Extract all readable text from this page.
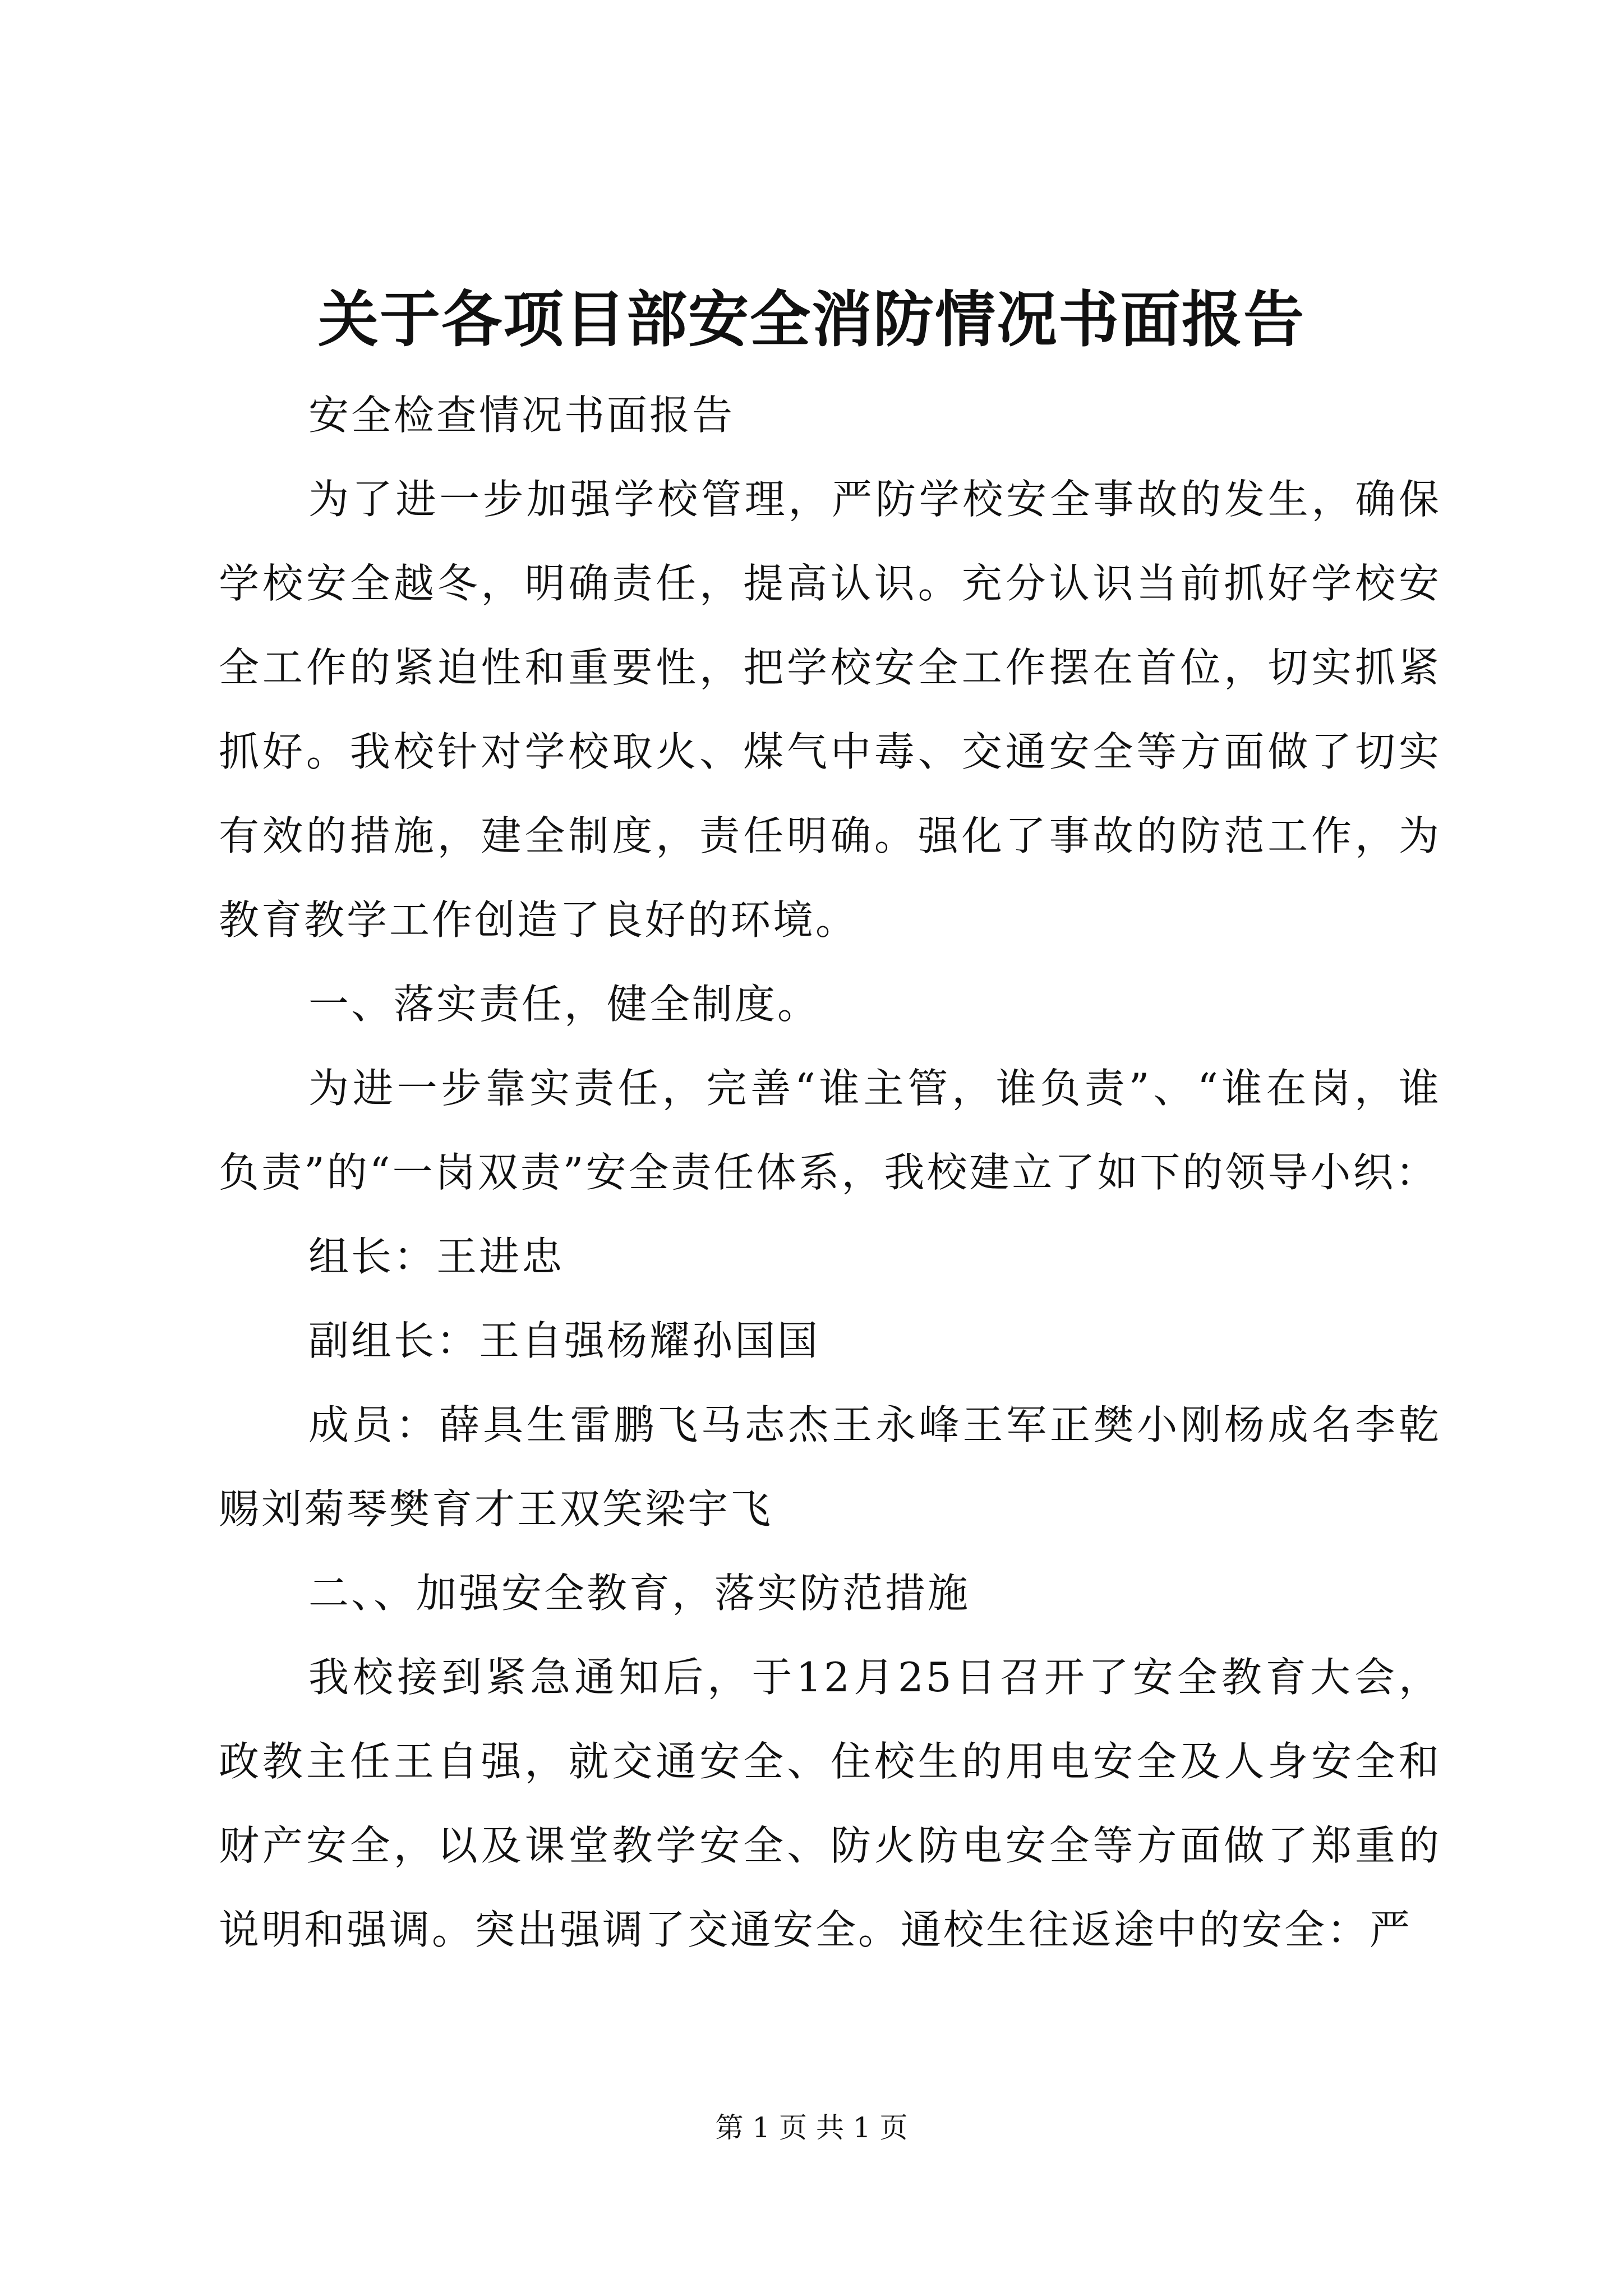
关于各项目部安全消防情况书面报告

安全检查情况书面报告

为了进一步加强学校管理，严防学校安全事故的发生，确保学校安全越冬，明确责任，提高认识。充分认识当前抓好学校安全工作的紧迫性和重要性，把学校安全工作摆在首位，切实抓紧抓好。我校针对学校取火、煤气中毒、交通安全等方面做了切实有效的措施，建全制度，责任明确。强化了事故的防范工作，为教育教学工作创造了良好的环境。

一、落实责任，健全制度。

为进一步靠实责任，完善“谁主管，谁负责”、“谁在岗，谁负责”的“一岗双责”安全责任体系，我校建立了如下的领导小织：

组长：王进忠

副组长：王自强杨耀孙国国

成员：薛具生雷鹏飞马志杰王永峰王军正樊小刚杨成名李乾赐刘菊琴樊育才王双笑梁宇飞

二、、加强安全教育，落实防范措施

我校接到紧急通知后，于12月25日召开了安全教育大会，政教主任王自强，就交通安全、住校生的用电安全及人身安全和财产安全，以及课堂教学安全、防火防电安全等方面做了郑重的说明和强调。突出强调了交通安全。通校生往返途中的安全：严

第 1 页 共 1 页
